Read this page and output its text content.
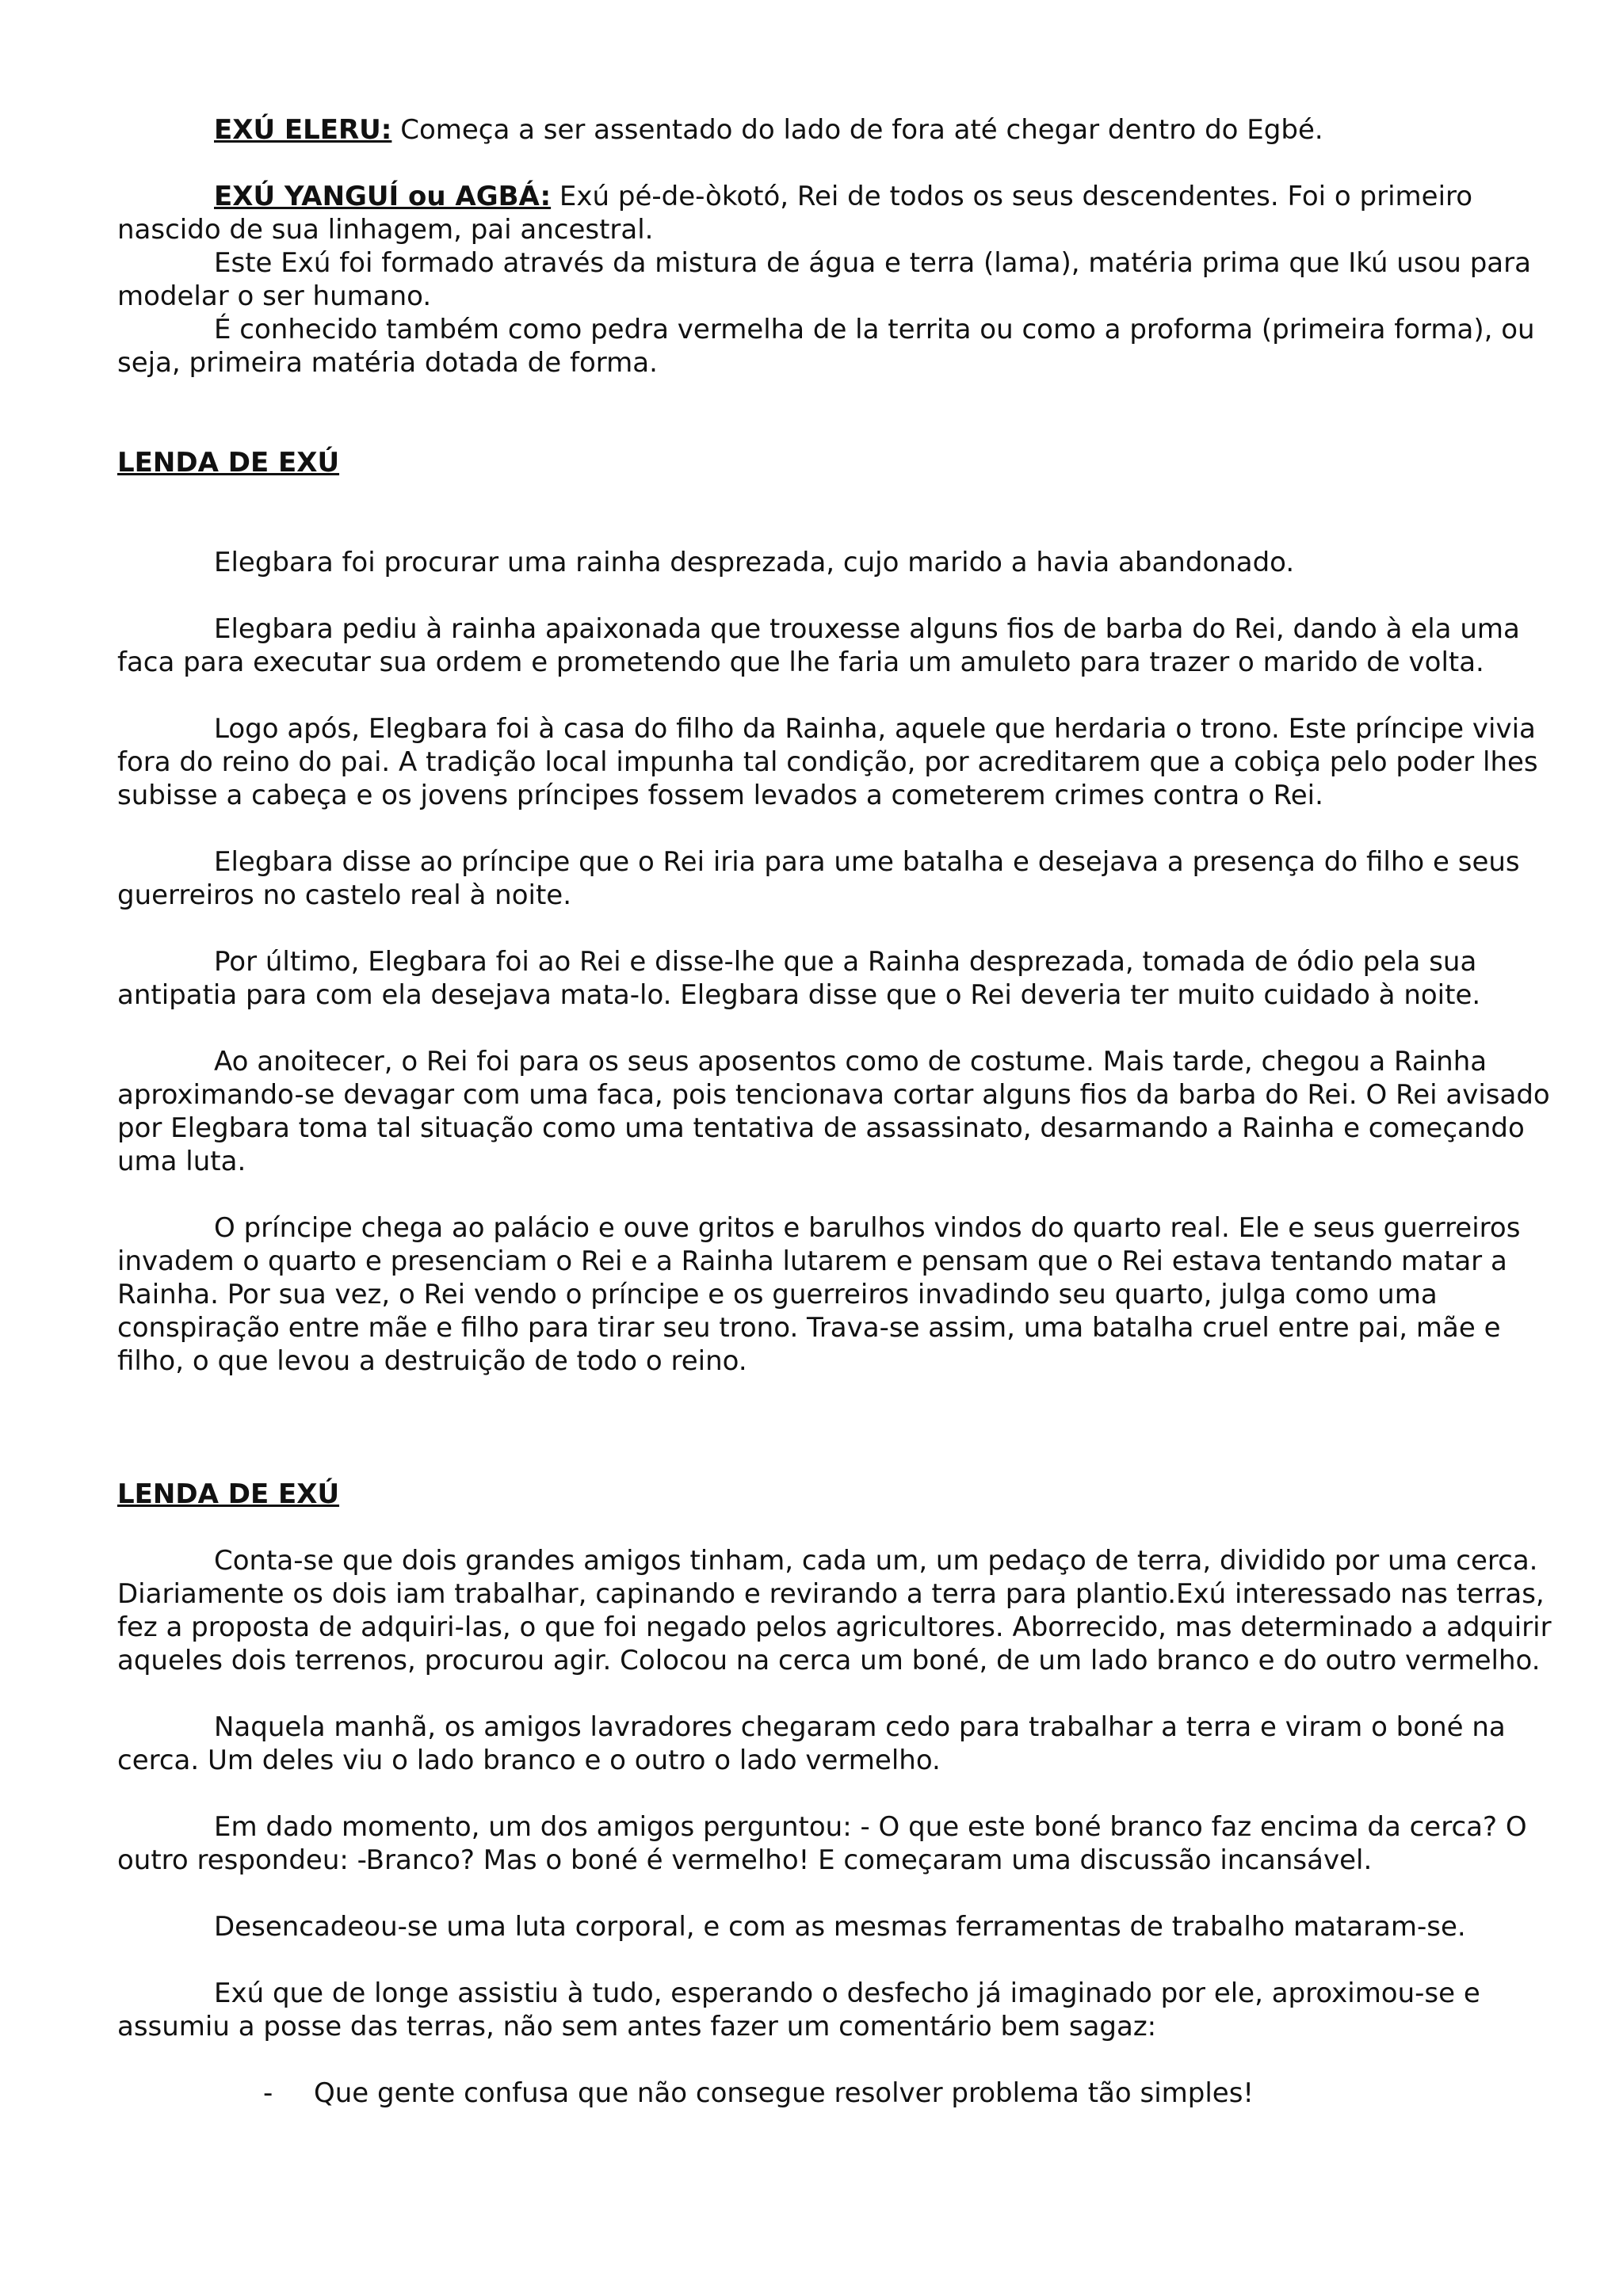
EXÚ ELERU: Começa a ser assentado do lado de fora até chegar dentro do Egbé.

EXÚ YANGUÍ ou AGBÁ: Exú pé-de-òkotó, Rei de todos os seus descendentes. Foi o primeiro nascido de sua linhagem, pai ancestral.

Este Exú foi formado através da mistura de água e terra (lama), matéria prima que Ikú usou para modelar o ser humano.

É conhecido também como pedra vermelha de la territa ou como a proforma (primeira forma), ou seja, primeira matéria dotada de forma.

LENDA DE EXÚ

Elegbara foi procurar uma rainha desprezada, cujo marido a havia abandonado.

Elegbara pediu à rainha apaixonada que trouxesse alguns fios de barba do Rei, dando à ela uma faca para executar sua ordem e prometendo que lhe faria um amuleto para trazer o marido de volta.

Logo após, Elegbara foi à casa do filho da Rainha, aquele que herdaria o trono. Este príncipe vivia fora do reino do pai. A tradição local impunha tal condição, por acreditarem que a cobiça pelo poder lhes subisse a cabeça e os jovens príncipes fossem levados a cometerem crimes contra o Rei.

Elegbara disse ao príncipe que o Rei iria para ume batalha e desejava a presença do filho e seus guerreiros no castelo real à noite.

Por último, Elegbara foi ao Rei e disse-lhe que a Rainha desprezada, tomada de ódio pela sua antipatia para com ela desejava mata-lo. Elegbara disse que o Rei deveria ter muito cuidado à noite.

Ao anoitecer, o Rei foi para os seus aposentos como de costume. Mais tarde, chegou a Rainha aproximando-se devagar com uma faca, pois tencionava cortar alguns fios da barba do Rei. O Rei avisado por Elegbara toma tal situação como uma tentativa de assassinato, desarmando a Rainha e começando uma luta.

O príncipe chega ao palácio e ouve gritos e barulhos vindos do quarto real. Ele e seus guerreiros invadem o quarto e presenciam o Rei e a Rainha lutarem e pensam que o Rei estava tentando matar a Rainha. Por sua vez, o Rei vendo o príncipe e os guerreiros invadindo seu quarto, julga como uma conspiração entre mãe e filho para tirar seu trono. Trava-se assim, uma batalha cruel entre pai, mãe e filho, o que levou a destruição de todo o reino.

LENDA DE EXÚ

Conta-se que dois grandes amigos tinham, cada um, um pedaço de terra, dividido por uma cerca. Diariamente os dois iam trabalhar, capinando e revirando a terra para plantio.Exú interessado nas terras, fez a proposta de adquiri-las, o que foi negado pelos agricultores. Aborrecido, mas determinado a adquirir aqueles dois terrenos, procurou agir. Colocou na cerca um boné, de um lado branco e do outro vermelho.

Naquela manhã, os amigos lavradores chegaram cedo para trabalhar a terra e viram o boné na cerca. Um deles viu o lado branco e o outro o lado vermelho.

Em dado momento, um dos amigos perguntou: - O que este boné branco faz encima da cerca? O outro respondeu: -Branco? Mas o boné é vermelho! E começaram uma discussão incansável.

Desencadeou-se uma luta corporal, e com as mesmas ferramentas de trabalho mataram-se.

Exú que de longe assistiu à tudo, esperando o desfecho já imaginado por ele, aproximou-se e assumiu a posse das terras, não sem antes fazer um comentário bem sagaz:

- Que gente confusa que não consegue resolver problema tão simples!
